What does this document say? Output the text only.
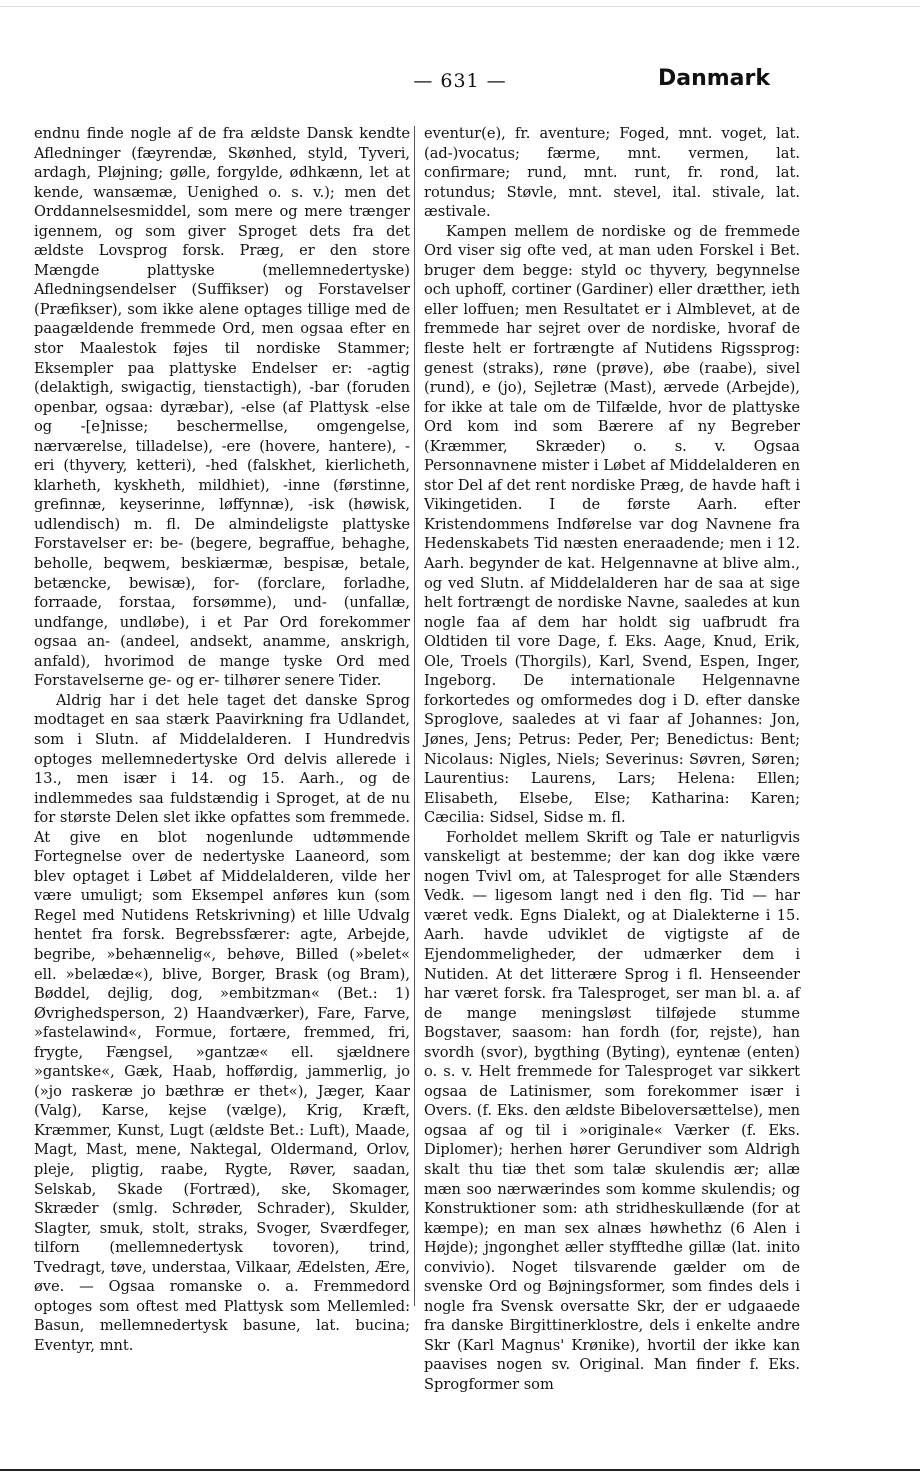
— 631 —	Danmark

endnu finde nogle af de fra ældste Dansk kendte Afledninger (fæyrendæ, Skønhed, styld, Tyveri, ardagh, Pløjning; gølle, forgylde, ødhkænn, let at kende, wansæmæ, Uenighed o. s. v.); men det Orddannelsesmiddel, som mere og mere trænger igennem, og som giver Sproget dets fra det ældste Lovsprog forsk. Præg, er den store Mængde plattyske (mellemnedertyske) Afledningsendelser (Suffikser) og Forstavelser (Præfikser), som ikke alene optages tillige med de paagældende fremmede Ord, men ogsaa efter en stor Maalestok føjes til nordiske Stammer; Eksempler paa plattyske Endelser er: -agtig (delaktigh, swigactig, tienstactigh), -bar (foruden openbar, ogsaa: dyræbar), -else (af Plattysk -else og -[e]nisse; beschermellse, omgengelse, nærværelse, tilladelse), -ere (hovere, hantere), -eri (thyvery, ketteri), -hed (falskhet, kierlicheth, klarheth, kyskheth, mildhiet), -inne (førstinne, grefinnæ, keyserinne, løffynnæ), -isk (høwisk, udlendisch) m. fl. De almindeligste plattyske Forstavelser er: be- (begere, begraffue, behaghe, beholle, beqwem, beskiærmæ, bespisæ, betale, betæncke, bewisæ), for- (forclare, forladhe, forraade, forstaa, forsømme), und- (unfallæ, undfange, undløbe), i et Par Ord forekommer ogsaa an- (andeel, andsekt, anamme, anskrigh, anfald), hvorimod de mange tyske Ord med Forstavelserne ge- og er- tilhører senere Tider.

Aldrig har i det hele taget det danske Sprog modtaget en saa stærk Paavirkning fra Udlandet, som i Slutn. af Middelalderen. I Hundredvis optoges mellemnedertyske Ord delvis allerede i 13., men især i 14. og 15. Aarh., og de indlemmedes saa fuldstændig i Sproget, at de nu for største Delen slet ikke opfattes som fremmede. At give en blot nogenlunde udtømmende Fortegnelse over de nedertyske Laaneord, som blev optaget i Løbet af Middelalderen, vilde her være umuligt; som Eksempel anføres kun (som Regel med Nutidens Retskrivning) et lille Udvalg hentet fra forsk. Begrebssfærer: agte, Arbejde, begribe, »behænnelig«, behøve, Billed (»belet« ell. »belædæ«), blive, Borger, Brask (og Bram), Bøddel, dejlig, dog, »embitzman« (Bet.: 1) Øvrighedsperson, 2) Haandværker), Fare, Farve, »fastelawind«, Formue, fortære, fremmed, fri, frygte, Fængsel, »gantzæ« ell. sjældnere »gantske«, Gæk, Haab, hofførdig, jammerlig, jo (»jo raskeræ jo bæthræ er thet«), Jæger, Kaar (Valg), Karse, kejse (vælge), Krig, Kræft, Kræmmer, Kunst, Lugt (ældste Bet.: Luft), Maade, Magt, Mast, mene, Naktegal, Oldermand, Orlov, pleje, pligtig, raabe, Rygte, Røver, saadan, Selskab, Skade (Fortræd), ske, Skomager, Skræder (smlg. Schrøder, Schrader), Skulder, Slagter, smuk, stolt, straks, Svoger, Sværdfeger, tilforn (mellemnedertysk tovoren), trind, Tvedragt, tøve, understaa, Vilkaar, Ædelsten, Ære, øve. — Ogsaa romanske o. a. Fremmedord optoges som oftest med Plattysk som Mellemled: Basun, mellemnedertysk basune, lat. bucina; Eventyr, mnt.

eventur(e), fr. aventure; Foged, mnt. voget, lat. (ad-)vocatus; færme, mnt. vermen, lat. confirmare; rund, mnt. runt, fr. rond, lat. rotundus; Støvle, mnt. stevel, ital. stivale, lat. æstivale.

Kampen mellem de nordiske og de fremmede Ord viser sig ofte ved, at man uden Forskel i Bet. bruger dem begge: styld oc thyvery, begynnelse och uphoff, cortiner (Gardiner) eller drætther, ieth eller loffuen; men Resultatet er i Almblevet, at de fremmede har sejret over de nordiske, hvoraf de fleste helt er fortrængte af Nutidens Rigssprog: genest (straks), røne (prøve), øbe (raabe), sivel (rund), e (jo), Sejletræ (Mast), ærvede (Arbejde), for ikke at tale om de Tilfælde, hvor de plattyske Ord kom ind som Bærere af ny Begreber (Kræmmer, Skræder) o. s. v. Ogsaa Personnavnene mister i Løbet af Middelalderen en stor Del af det rent nordiske Præg, de havde haft i Vikingetiden. I de første Aarh. efter Kristendommens Indførelse var dog Navnene fra Hedenskabets Tid næsten eneraadende; men i 12. Aarh. begynder de kat. Helgennavne at blive alm., og ved Slutn. af Middelalderen har de saa at sige helt fortrængt de nordiske Navne, saaledes at kun nogle faa af dem har holdt sig uafbrudt fra Oldtiden til vore Dage, f. Eks. Aage, Knud, Erik, Ole, Troels (Thorgils), Karl, Svend, Espen, Inger, Ingeborg. De internationale Helgennavne forkortedes og omformedes dog i D. efter danske Sproglove, saaledes at vi faar af Johannes: Jon, Jønes, Jens; Petrus: Peder, Per; Benedictus: Bent; Nicolaus: Nigles, Niels; Severinus: Søvren, Søren; Laurentius: Laurens, Lars; Helena: Ellen; Elisabeth, Elsebe, Else; Katharina: Karen; Cæcilia: Sidsel, Sidse m. fl.

Forholdet mellem Skrift og Tale er naturligvis vanskeligt at bestemme; der kan dog ikke være nogen Tvivl om, at Talesproget for alle Stænders Vedk. — ligesom langt ned i den flg. Tid — har været vedk. Egns Dialekt, og at Dialekterne i 15. Aarh. havde udviklet de vigtigste af de Ejendommeligheder, der udmærker dem i Nutiden. At det litterære Sprog i fl. Henseender har været forsk. fra Talesproget, ser man bl. a. af de mange meningsløst tilføjede stumme Bogstaver, saasom: han fordh (for, rejste), han svordh (svor), bygthing (Byting), eyntenæ (enten) o. s. v. Helt fremmede for Talesproget var sikkert ogsaa de Latinismer, som forekommer især i Overs. (f. Eks. den ældste Bibeloversættelse), men ogsaa af og til i »originale« Værker (f. Eks. Diplomer); herhen hører Gerundiver som Aldrigh skalt thu tiæ thet som talæ skulendis ær; allæ mæn soo nærwærindes som komme skulendis; og Konstruktioner som: ath stridheskullænde (for at kæmpe); en man sex alnæs høwhethz (6 Alen i Højde); jngonghet æller styfftedhe gillæ (lat. inito convivio). Noget tilsvarende gælder om de svenske Ord og Bøjningsformer, som findes dels i nogle fra Svensk oversatte Skr, der er udgaaede fra danske Birgittinerklostre, dels i enkelte andre Skr (Karl Magnus' Krønike), hvortil der ikke kan paavises nogen sv. Original. Man finder f. Eks. Sprogformer som
